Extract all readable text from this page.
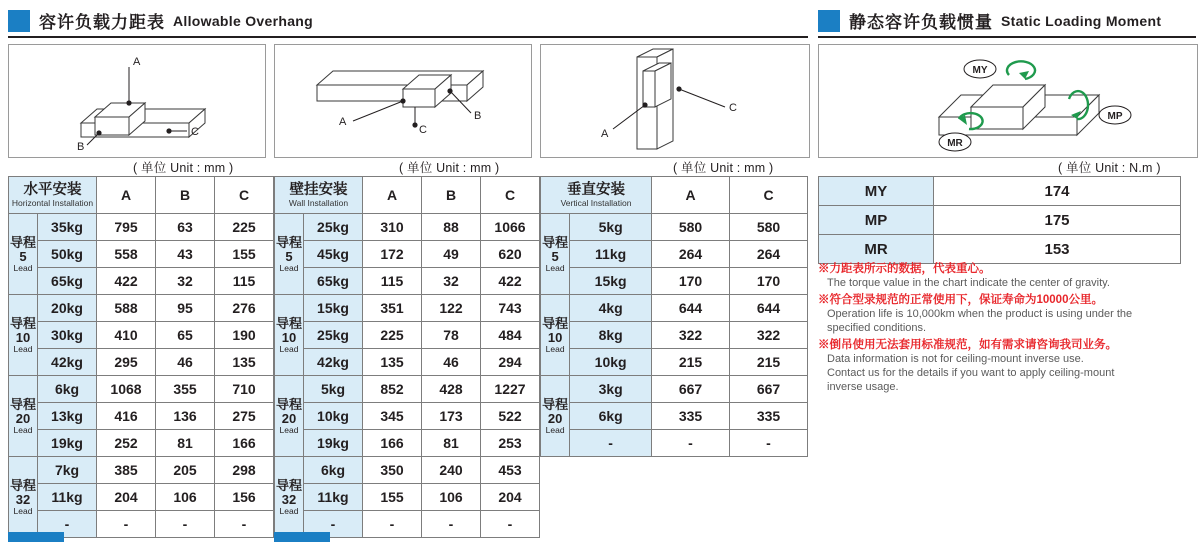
容许负载力距表 Allowable Overhang	静态容许负载惯量 Static Loading Moment
A
B
C
( 单位 Unit : mm )
A	B
C
( 单位 Unit : mm )
C
A
( 单位 Unit : mm )
MY
MP
MR
( 单位 Unit : N.m )
水平安装
Horizontal Installation		A	B	C

导程
5
Lead	35kg	795	63	225
	50kg	558	43	155
	65kg	422	32	115

导程
10
Lead	20kg	588	95	276
	30kg	410	65	190
	42kg	295	46	135

导程
20
Lead	6kg	1068	355	710
	13kg	416	136	275
	19kg	252	81	166

导程
32
Lead	7kg	385	205	298
	11kg	204	106	156
	-	-	-	-
壁挂安装
Wall Installation		A	B	C

导程
5
Lead	25kg	310	88	1066
	45kg	172	49	620
	65kg	115	32	422

导程
10
Lead	15kg	351	122	743
	25kg	225	78	484
	42kg	135	46	294

导程
20
Lead	5kg	852	428	1227
	10kg	345	173	522
	19kg	166	81	253

导程
32
Lead	6kg	350	240	453
	11kg	155	106	204
	-	-	-	-
垂直安装
Vertical Installation		A	C

导程
5
Lead	5kg	580	580
	11kg	264	264
	15kg	170	170

导程
10
Lead	4kg	644	644
	8kg	322	322
	10kg	215	215

导程
20
Lead	3kg	667	667
	6kg	335	335
	-	-	-
MY	174
MP	175
MR	153
※力距表所示的数据，代表重心。
The torque value in the chart indicate the center of gravity.
※符合型录规范的正常使用下，保证寿命为10000公里。
Operation life is 10,000km when the product is using under the
specified conditions.
※倒吊使用无法套用标准规范，如有需求请咨询我司业务。
Data information is not for ceiling-mount inverse use.
Contact us for the details if you want to apply ceiling-mount
inverse usage.
